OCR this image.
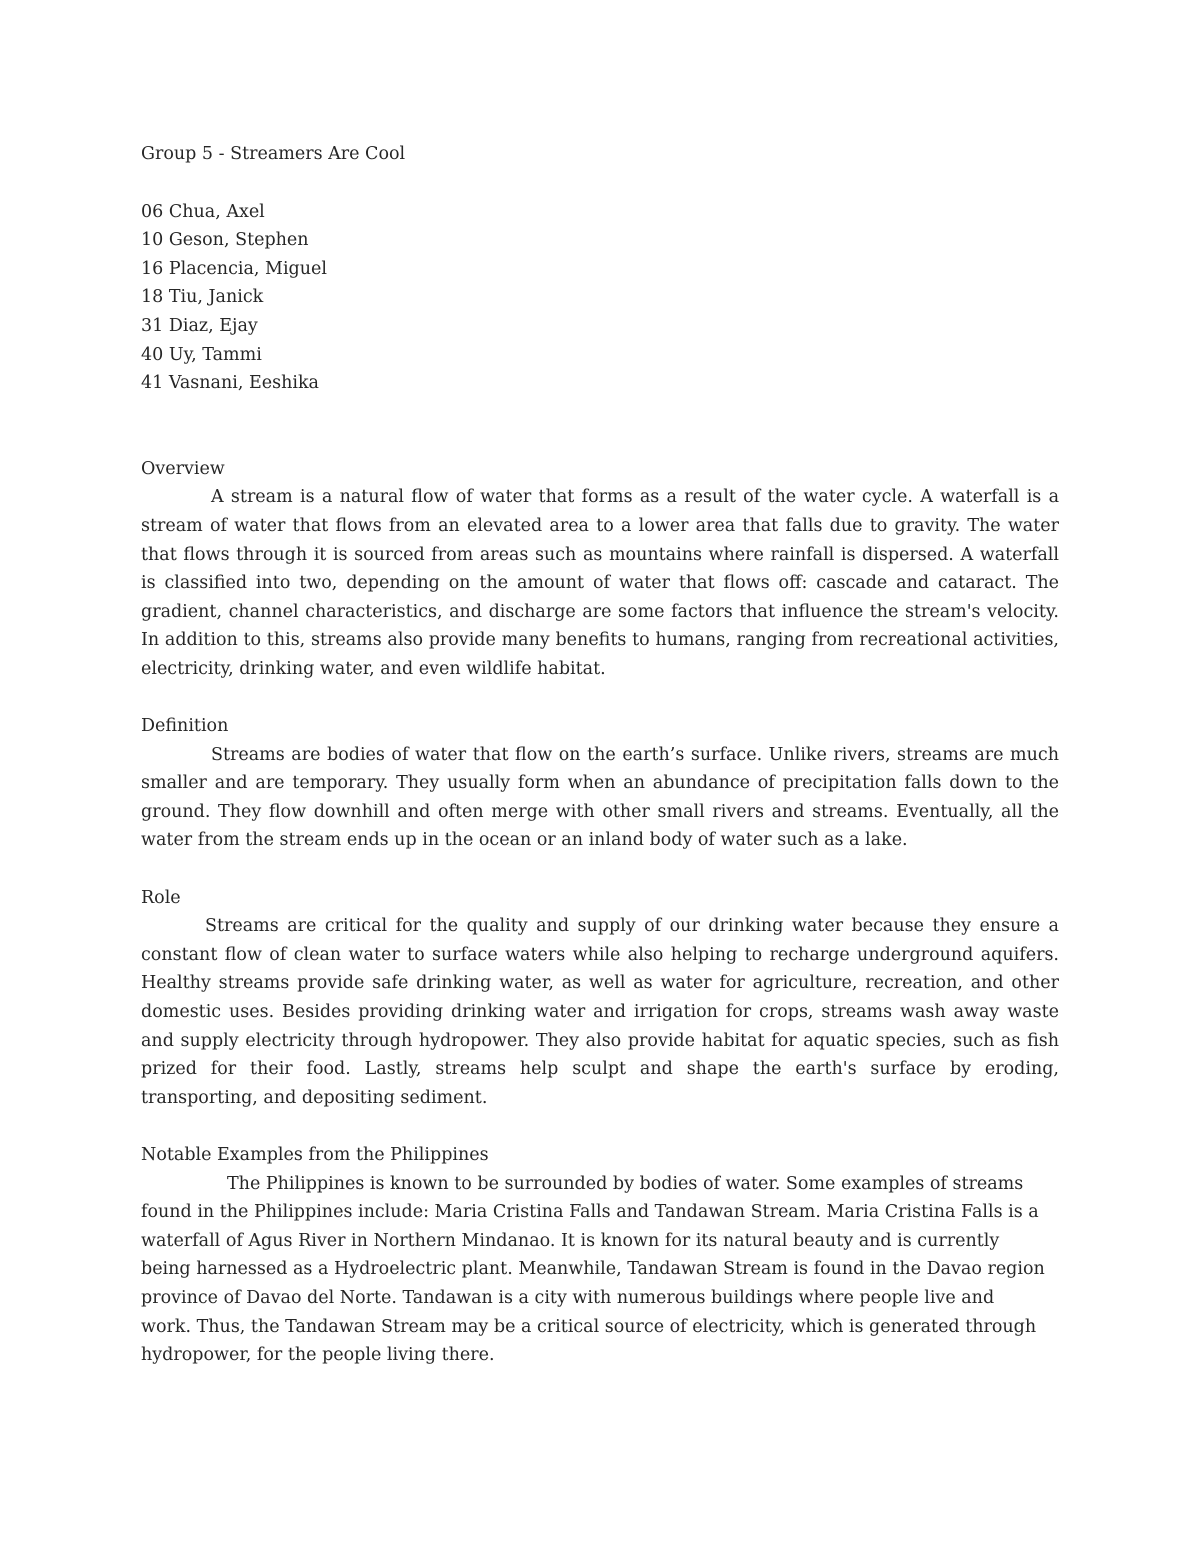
Group 5 - Streamers Are Cool
06 Chua, Axel
10 Geson, Stephen
16 Placencia, Miguel
18 Tiu, Janick
31 Diaz, Ejay
40 Uy, Tammi
41 Vasnani, Eeshika
Overview

A stream is a natural flow of water that forms as a result of the water cycle. A waterfall is a stream of water that flows from an elevated area to a lower area that falls due to gravity. The water that flows through it is sourced from areas such as mountains where rainfall is dispersed. A waterfall is classified into two, depending on the amount of water that flows off: cascade and cataract. The gradient, channel characteristics, and discharge are some factors that influence the stream's velocity. In addition to this, streams also provide many benefits to humans, ranging from recreational activities, electricity, drinking water, and even wildlife habitat.

Definition

Streams are bodies of water that flow on the earth’s surface. Unlike rivers, streams are much smaller and are temporary. They usually form when an abundance of precipitation falls down to the ground. They flow downhill and often merge with other small rivers and streams. Eventually, all the water from the stream ends up in the ocean or an inland body of water such as a lake.

Role

Streams are critical for the quality and supply of our drinking water because they ensure a constant flow of clean water to surface waters while also helping to recharge underground aquifers. Healthy streams provide safe drinking water, as well as water for agriculture, recreation, and other domestic uses. Besides providing drinking water and irrigation for crops, streams wash away waste and supply electricity through hydropower. They also provide habitat for aquatic species, such as fish prized for their food. Lastly, streams help sculpt and shape the earth's surface by eroding, transporting, and depositing sediment.

Notable Examples from the Philippines

The Philippines is known to be surrounded by bodies of water. Some examples of streams found in the Philippines include: Maria Cristina Falls and Tandawan Stream. Maria Cristina Falls is a waterfall of Agus River in Northern Mindanao. It is known for its natural beauty and is currently being harnessed as a Hydroelectric plant. Meanwhile, Tandawan Stream is found in the Davao region province of Davao del Norte. Tandawan is a city with numerous buildings where people live and work. Thus, the Tandawan Stream may be a critical source of electricity, which is generated through hydropower, for the people living there.
